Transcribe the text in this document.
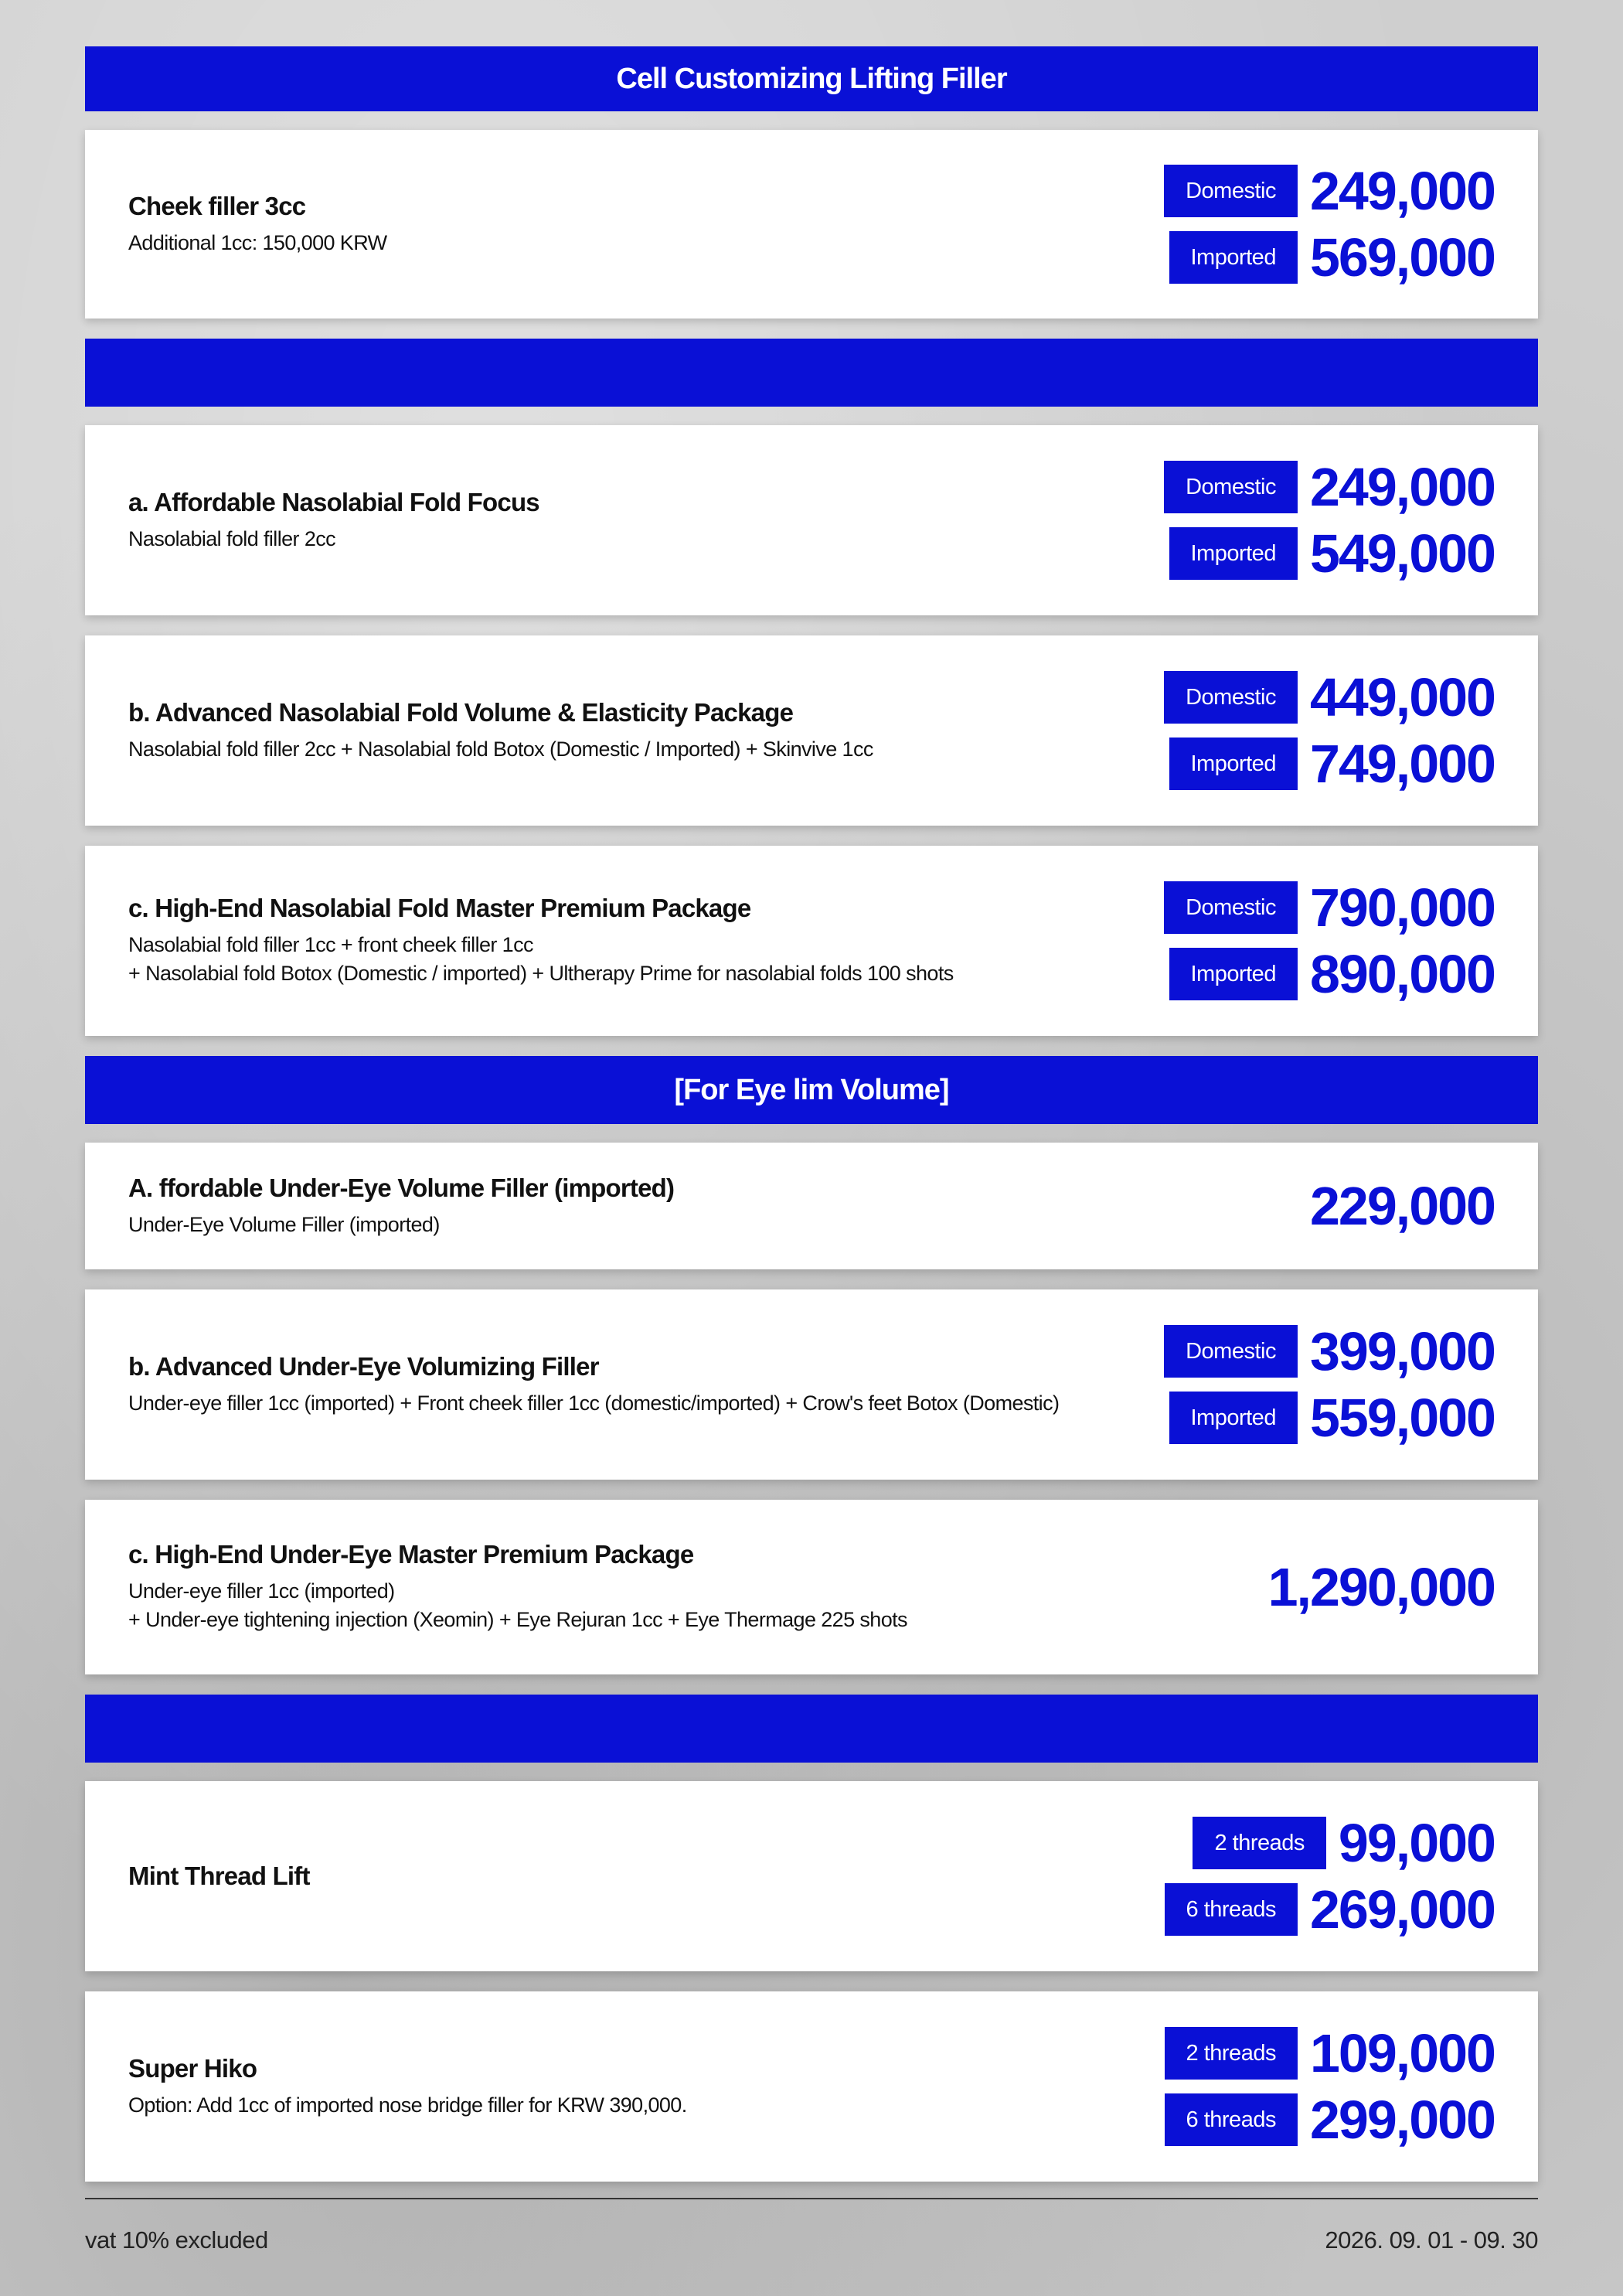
Cell Customizing Lifting Filler
Cheek filler 3cc
Additional 1cc: 150,000 KRW
Domestic 249,000
Imported 569,000
a. Affordable Nasolabial Fold Focus
Nasolabial fold filler 2cc
Domestic 249,000
Imported 549,000
b. Advanced Nasolabial Fold Volume & Elasticity Package
Nasolabial fold filler 2cc + Nasolabial fold Botox (Domestic / Imported) + Skinvive 1cc
Domestic 449,000
Imported 749,000
c. High-End Nasolabial Fold Master Premium Package
Nasolabial fold filler 1cc + front cheek filler 1cc
+ Nasolabial fold Botox (Domestic / imported) + Ultherapy Prime for nasolabial folds 100 shots
Domestic 790,000
Imported 890,000
[For Eye lim Volume]
A. ffordable Under-Eye Volume Filler (imported)
Under-Eye Volume Filler (imported)	229,000
b. Advanced Under-Eye Volumizing Filler
Under-eye filler 1cc (imported) + Front cheek filler 1cc (domestic/imported) + Crow's feet Botox (Domestic)
Domestic 399,000
Imported 559,000
c. High-End Under-Eye Master Premium Package
Under-eye filler 1cc (imported)
+ Under-eye tightening injection (Xeomin) + Eye Rejuran 1cc + Eye Thermage 225 shots
1,290,000
Mint Thread Lift
2 threads 99,000
6 threads 269,000
Super Hiko
Option: Add 1cc of imported nose bridge filler for KRW 390,000.
2 threads 109,000
6 threads 299,000
vat 10% excluded	2026. 09. 01 - 09. 30
